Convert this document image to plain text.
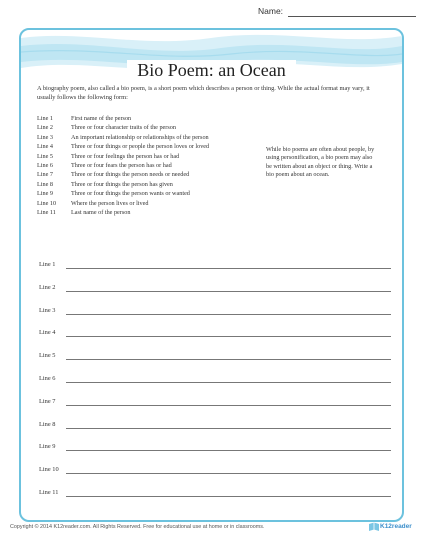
Name:
Bio Poem: an Ocean
A biography poem, also called a bio poem, is a short poem which describes a person or thing. While the actual format may vary, it usually follows the following form:
Line 1	First name of the person
Line 2	Three or four character traits of the person
Line 3	An important relationship or relationships of the person
Line 4	Three or four things or people the person loves or loved
Line 5	Three or four feelings the person has or had
Line 6	Three or four fears the person has or had
Line 7	Three or four things the person needs or needed
Line 8	Three or four things the person has given
Line 9	Three or four things the person wants or wanted
Line 10 Where the person lives or lived
Line 11 Last name of the person
While bio poems are often about people, by using personification, a bio poem may also be written about an object or thing. Write a bio poem about an ocean.
Line 1
Line 2
Line 3
Line 4
Line 5
Line 6
Line 7
Line 8
Line 9
Line 10
Line 11
Copyright © 2014 K12reader.com. All Rights Reserved. Free for educational use at home or in classrooms.	K12reader
